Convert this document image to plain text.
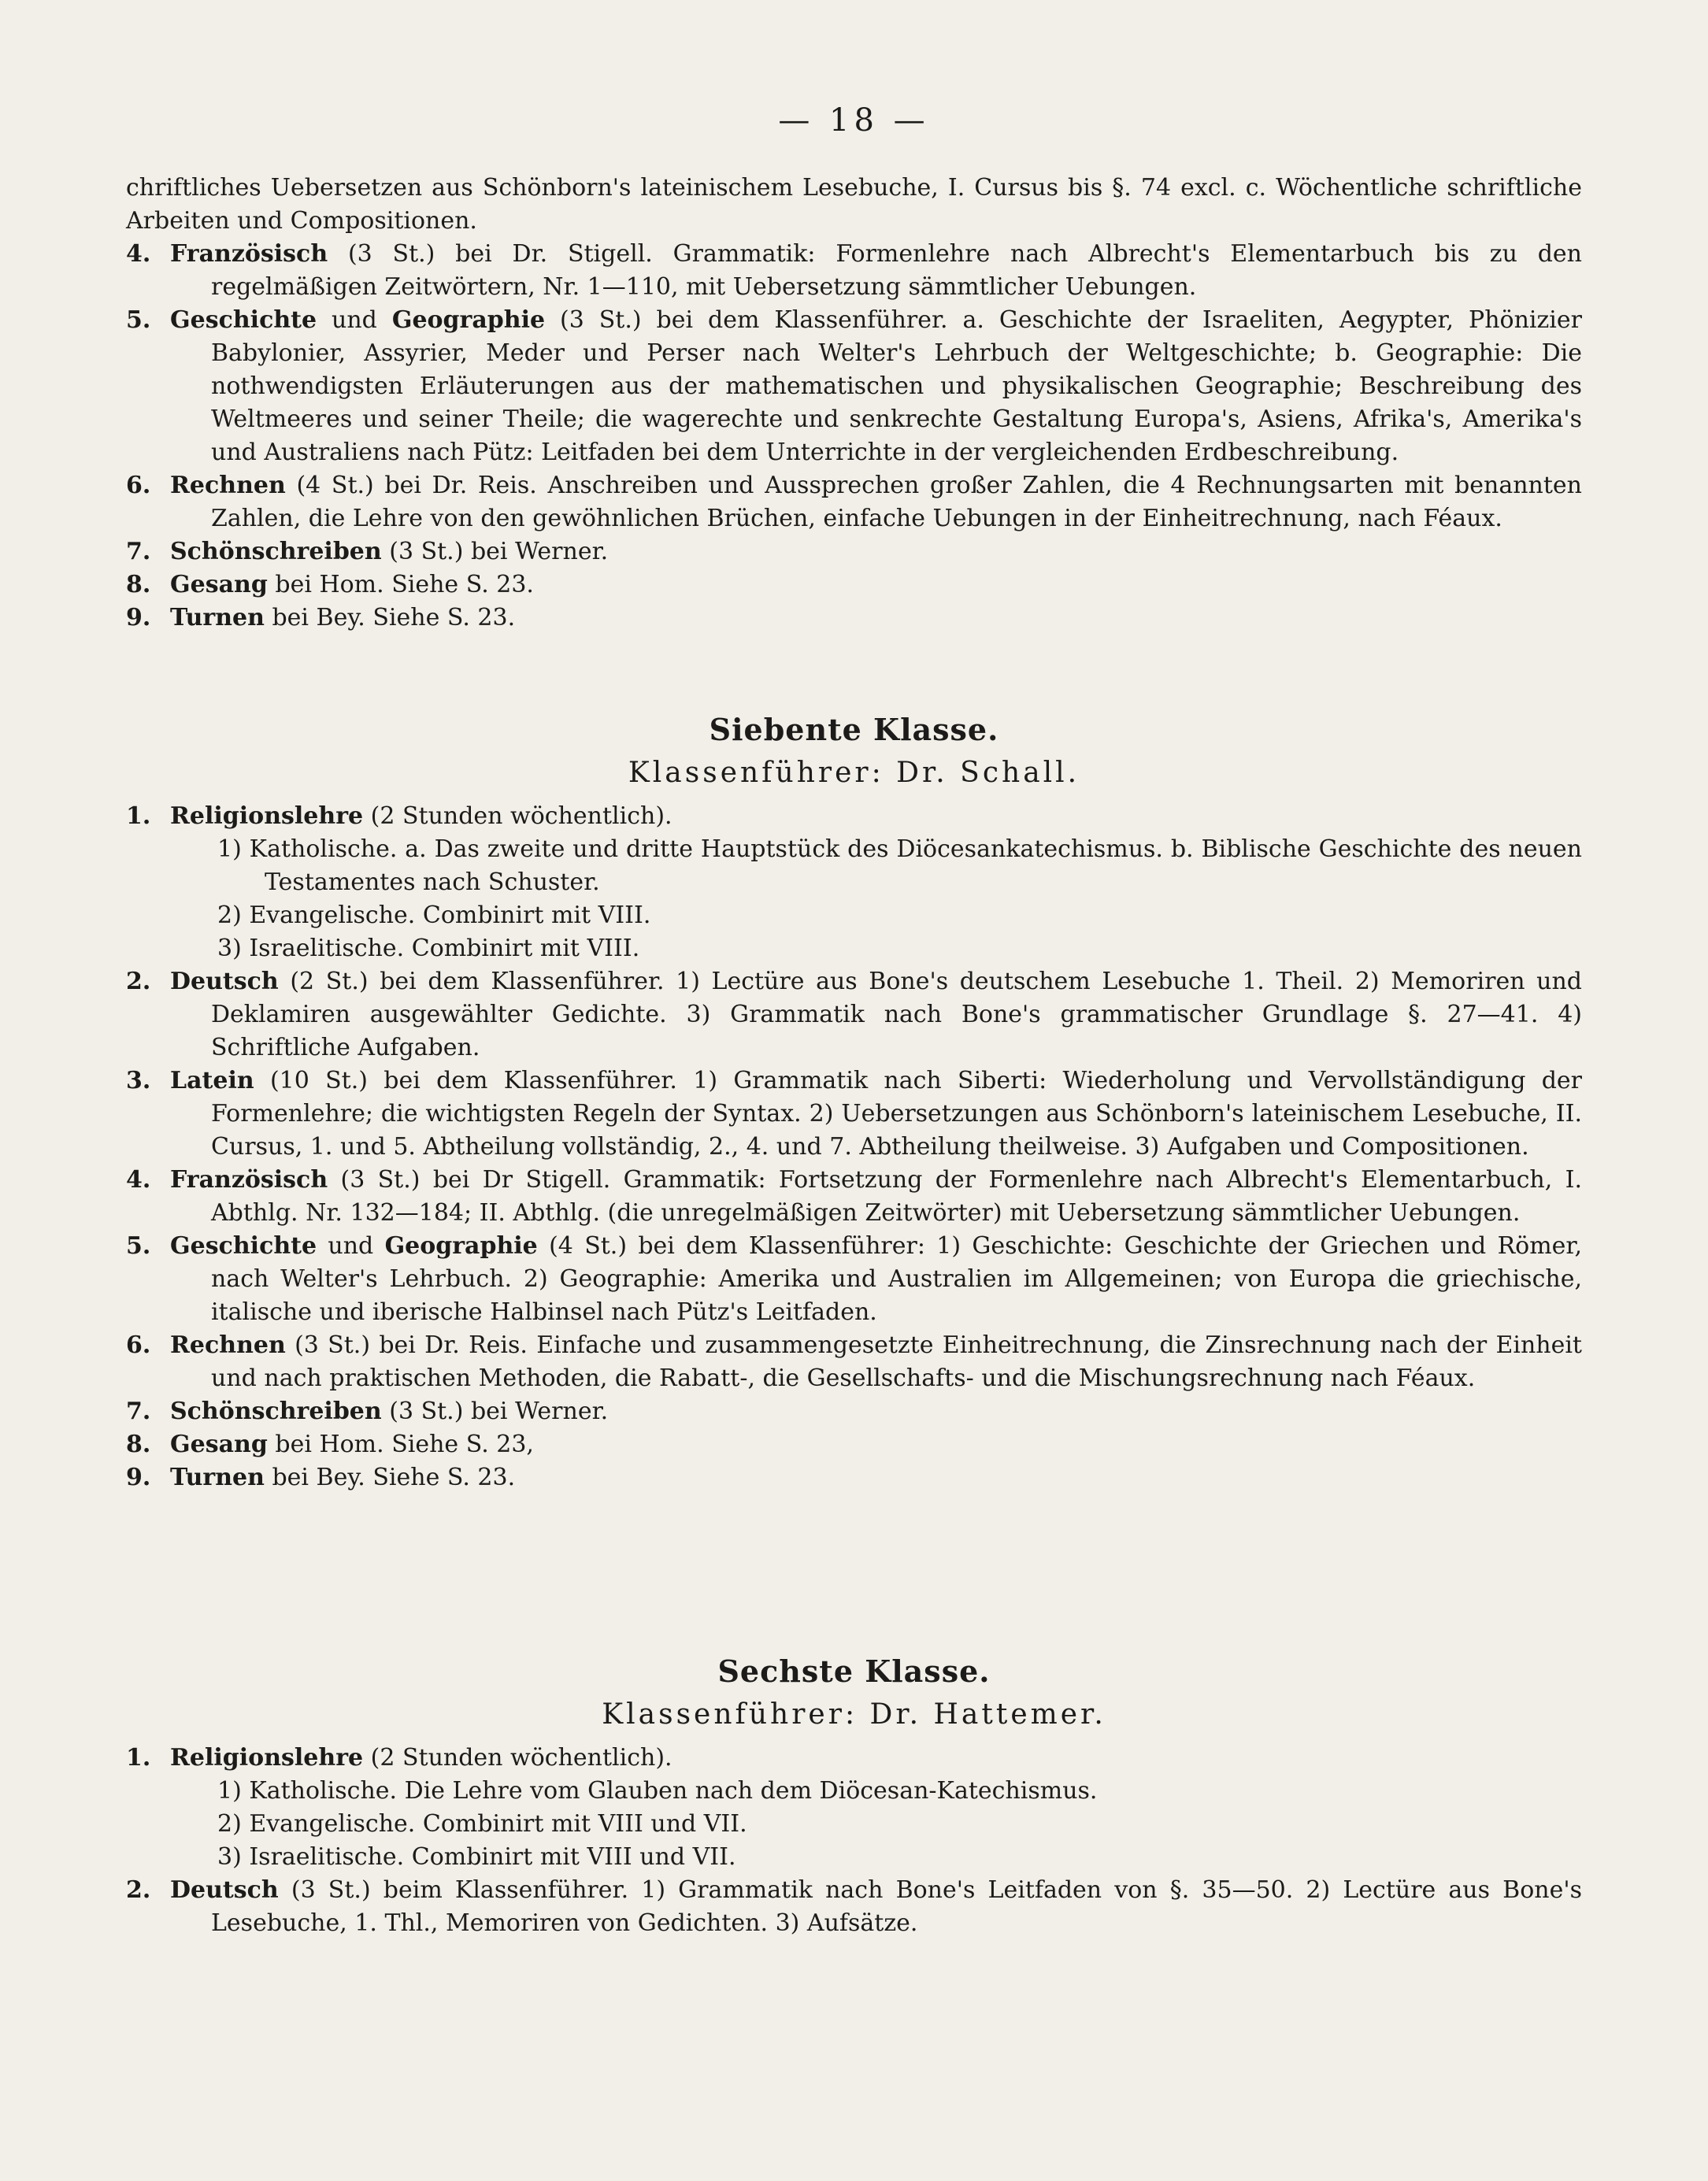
— 18 —

chriftliches Uebersetzen aus Schönborn's lateinischem Lesebuche, I. Cursus bis §. 74 excl. c. Wöchentliche schriftliche Arbeiten und Compositionen.

4. Französisch (3 St.) bei Dr. Stigell. Grammatik: Formenlehre nach Albrecht's Elementarbuch bis zu den regelmäßigen Zeitwörtern, Nr. 1—110, mit Uebersetzung sämmtlicher Uebungen.

5. Geschichte und Geographie (3 St.) bei dem Klassenführer. a. Geschichte der Israeliten, Aegypter, Phönizier Babylonier, Assyrier, Meder und Perser nach Welter's Lehrbuch der Weltgeschichte; b. Geographie: Die nothwendigsten Erläuterungen aus der mathematischen und physikalischen Geographie; Beschreibung des Weltmeeres und seiner Theile; die wagerechte und senkrechte Gestaltung Europa's, Asiens, Afrika's, Amerika's und Australiens nach Pütz: Leitfaden bei dem Unterrichte in der vergleichenden Erdbeschreibung.

6. Rechnen (4 St.) bei Dr. Reis. Anschreiben und Aussprechen großer Zahlen, die 4 Rechnungsarten mit benannten Zahlen, die Lehre von den gewöhnlichen Brüchen, einfache Uebungen in der Einheitrechnung, nach Féaux.

7. Schönschreiben (3 St.) bei Werner.

8. Gesang bei Hom. Siehe S. 23.

9. Turnen bei Bey. Siehe S. 23.

Siebente Klasse.
Klassenführer: Dr. Schall.

1. Religionslehre (2 Stunden wöchentlich).

1) Katholische. a. Das zweite und dritte Hauptstück des Diöcesankatechismus. b. Biblische Geschichte des neuen Testamentes nach Schuster.

2) Evangelische. Combinirt mit VIII.

3) Israelitische. Combinirt mit VIII.

2. Deutsch (2 St.) bei dem Klassenführer. 1) Lectüre aus Bone's deutschem Lesebuche 1. Theil. 2) Memoriren und Deklamiren ausgewählter Gedichte. 3) Grammatik nach Bone's grammatischer Grundlage §. 27—41. 4) Schriftliche Aufgaben.

3. Latein (10 St.) bei dem Klassenführer. 1) Grammatik nach Siberti: Wiederholung und Vervollständigung der Formenlehre; die wichtigsten Regeln der Syntax. 2) Uebersetzungen aus Schönborn's lateinischem Lesebuche, II. Cursus, 1. und 5. Abtheilung vollständig, 2., 4. und 7. Abtheilung theilweise. 3) Aufgaben und Compositionen.

4. Französisch (3 St.) bei Dr Stigell. Grammatik: Fortsetzung der Formenlehre nach Albrecht's Elementarbuch, I. Abthlg. Nr. 132—184; II. Abthlg. (die unregelmäßigen Zeitwörter) mit Uebersetzung sämmtlicher Uebungen.

5. Geschichte und Geographie (4 St.) bei dem Klassenführer: 1) Geschichte: Geschichte der Griechen und Römer, nach Welter's Lehrbuch. 2) Geographie: Amerika und Australien im Allgemeinen; von Europa die griechische, italische und iberische Halbinsel nach Pütz's Leitfaden.

6. Rechnen (3 St.) bei Dr. Reis. Einfache und zusammengesetzte Einheitrechnung, die Zinsrechnung nach der Einheit und nach praktischen Methoden, die Rabatt-, die Gesellschafts- und die Mischungsrechnung nach Féaux.

7. Schönschreiben (3 St.) bei Werner.

8. Gesang bei Hom. Siehe S. 23,

9. Turnen bei Bey. Siehe S. 23.

Sechste Klasse.
Klassenführer: Dr. Hattemer.

1. Religionslehre (2 Stunden wöchentlich).

1) Katholische. Die Lehre vom Glauben nach dem Diöcesan-Katechismus.

2) Evangelische. Combinirt mit VIII und VII.

3) Israelitische. Combinirt mit VIII und VII.

2. Deutsch (3 St.) beim Klassenführer. 1) Grammatik nach Bone's Leitfaden von §. 35—50. 2) Lectüre aus Bone's Lesebuche, 1. Thl., Memoriren von Gedichten. 3) Aufsätze.
